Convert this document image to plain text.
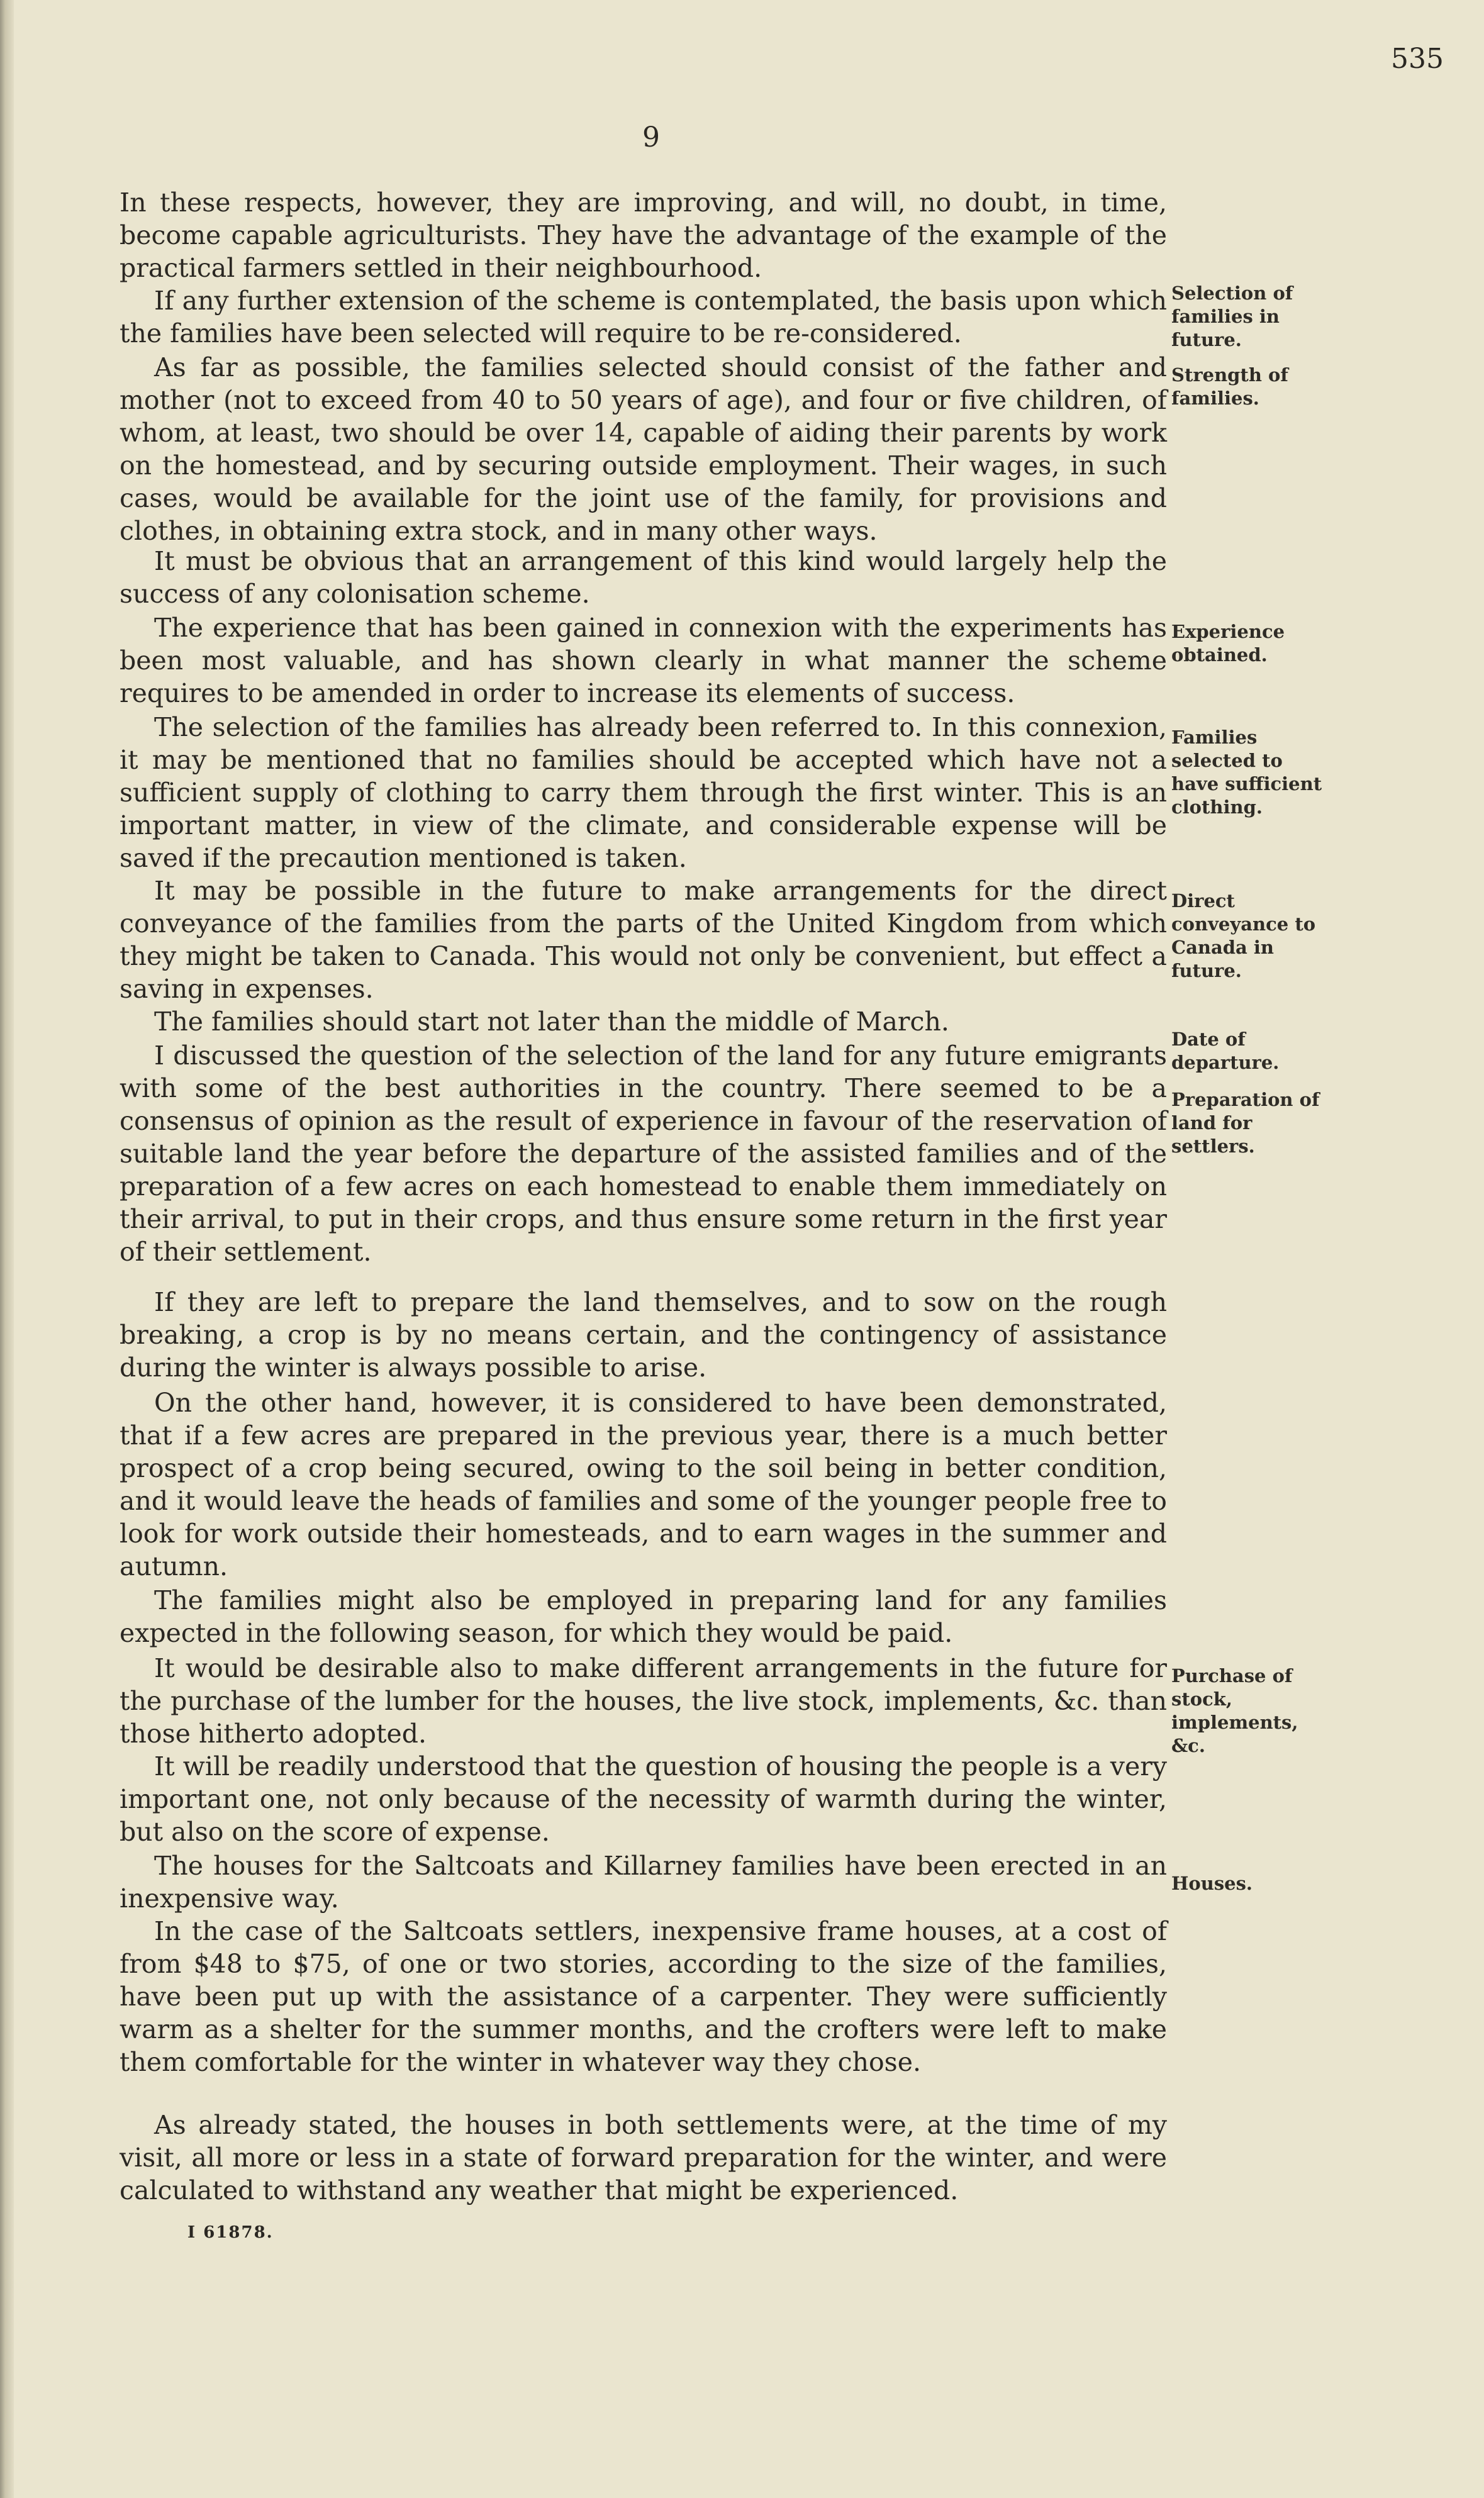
535
9

In these respects, however, they are improving, and will, no doubt, in time, become capable agriculturists. They have the advantage of the example of the practical farmers settled in their neighbourhood.

If any further extension of the scheme is contemplated, the basis upon which the families have been selected will require to be re-considered.

As far as possible, the families selected should consist of the father and mother (not to exceed from 40 to 50 years of age), and four or five children, of whom, at least, two should be over 14, capable of aiding their parents by work on the homestead, and by securing outside employment. Their wages, in such cases, would be available for the joint use of the family, for provisions and clothes, in obtaining extra stock, and in many other ways.

It must be obvious that an arrangement of this kind would largely help the success of any colonisation scheme.

The experience that has been gained in connexion with the experiments has been most valuable, and has shown clearly in what manner the scheme requires to be amended in order to increase its elements of success.

The selection of the families has already been referred to. In this connexion, it may be mentioned that no families should be accepted which have not a sufficient supply of clothing to carry them through the first winter. This is an important matter, in view of the climate, and considerable expense will be saved if the precaution mentioned is taken.

It may be possible in the future to make arrangements for the direct conveyance of the families from the parts of the United Kingdom from which they might be taken to Canada. This would not only be convenient, but effect a saving in expenses.

The families should start not later than the middle of March.

I discussed the question of the selection of the land for any future emigrants with some of the best authorities in the country. There seemed to be a consensus of opinion as the result of experience in favour of the reservation of suitable land the year before the departure of the assisted families and of the preparation of a few acres on each homestead to enable them immediately on their arrival, to put in their crops, and thus ensure some return in the first year of their settlement.

If they are left to prepare the land themselves, and to sow on the rough breaking, a crop is by no means certain, and the contingency of assistance during the winter is always possible to arise.

On the other hand, however, it is considered to have been demonstrated, that if a few acres are prepared in the previous year, there is a much better prospect of a crop being secured, owing to the soil being in better condition, and it would leave the heads of families and some of the younger people free to look for work outside their homesteads, and to earn wages in the summer and autumn.

The families might also be employed in preparing land for any families expected in the following season, for which they would be paid.

It would be desirable also to make different arrangements in the future for the purchase of the lumber for the houses, the live stock, implements, &c. than those hitherto adopted.

It will be readily understood that the question of housing the people is a very important one, not only because of the necessity of warmth during the winter, but also on the score of expense.

The houses for the Saltcoats and Killarney families have been erected in an inexpensive way.

In the case of the Saltcoats settlers, inexpensive frame houses, at a cost of from $48 to $75, of one or two stories, according to the size of the families, have been put up with the assistance of a carpenter. They were sufficiently warm as a shelter for the summer months, and the crofters were left to make them comfortable for the winter in whatever way they chose.

As already stated, the houses in both settlements were, at the time of my visit, all more or less in a state of forward preparation for the winter, and were calculated to withstand any weather that might be experienced.

Selection of families in future.

Strength of families.

Experience obtained.

Families selected to have sufficient clothing.

Direct conveyance to Canada in future.

Date of departure.

Preparation of land for settlers.

Purchase of stock, implements, &c.

Houses.

I 61878.
